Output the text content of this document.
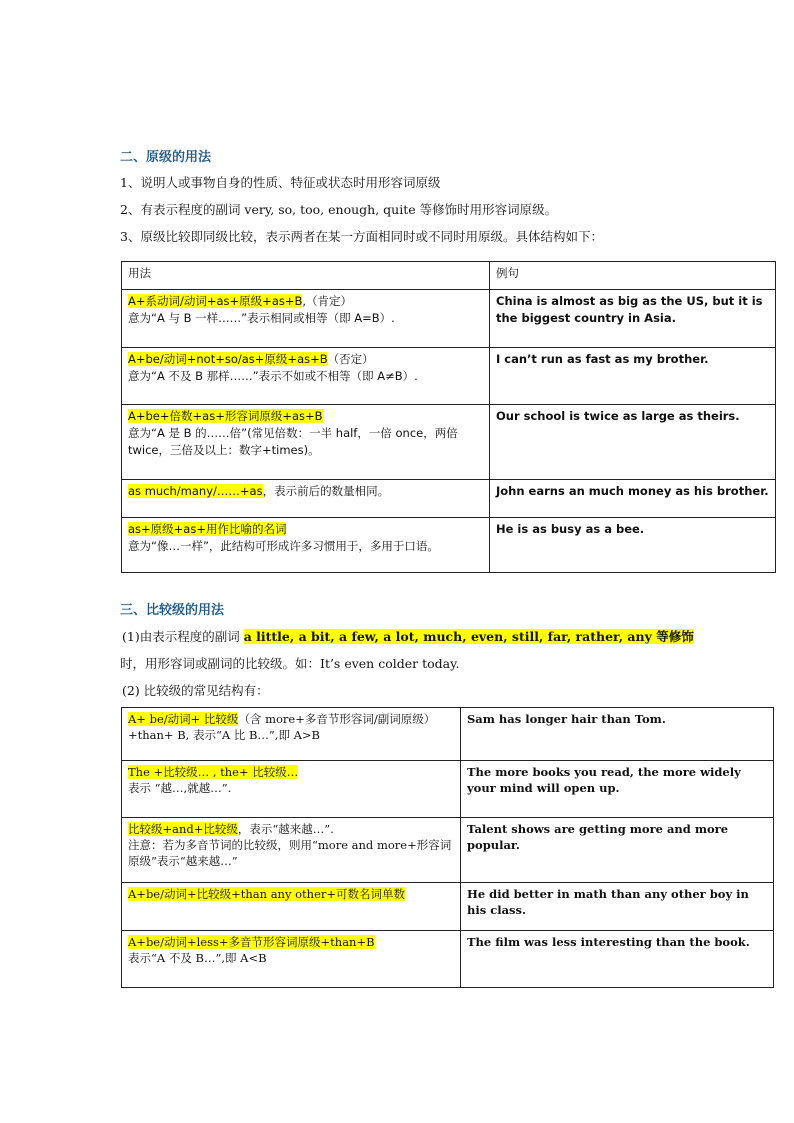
二、原级的用法
1、说明人或事物自身的性质、特征或状态时用形容词原级
2、有表示程度的副词 very, so, too, enough, quite 等修饰时用形容词原级。
3、原级比较即同级比较，表示两者在某一方面相同时或不同时用原级。具体结构如下：
用法	例句

A+系动词/动词+as+原级+as+B,（肯定）
意为“A 与 B 一样……”表示相同或相等（即 A=B）.	China is almost as big as the US, but it is the biggest country in Asia.

A+be/动词+not+so/as+原级+as+B（否定）
意为“A 不及 B 那样……”表示不如或不相等（即 A≠B）.	I can’t run as fast as my brother.

A+be+倍数+as+形容词原级+as+B
意为“A 是 B 的……倍”(常见倍数：一半 half，一倍 once，两倍 twice，三倍及以上：数字+times)。	Our school is twice as large as theirs.

as much/many/……+as，表示前后的数量相同。	John earns an much money as his brother.

as+原级+as+用作比喻的名词
意为“像…一样”，此结构可形成许多习惯用于，多用于口语。	He is as busy as a bee.
三、比较级的用法
(1)由表示程度的副词 a little, a bit, a few, a lot, much, even, still, far, rather, any 等修饰
时，用形容词或副词的比较级。如：It’s even colder today.
(2) 比较级的常见结构有：
A+ be/动词+ 比较级（含 more+多音节形容词/副词原级）+than+ B, 表示“A 比 B…”,即 A>B	Sam has longer hair than Tom.

The +比较级… , the+ 比较级…
表示 “越…,就越…”.	The more books you read, the more widely your mind will open up.

比较级+and+比较级，表示“越来越…”.
注意：若为多音节词的比较级，则用“more and more+形容词原级”表示“越来越…”	Talent shows are getting more and more popular.
A+be/动词+比较级+than any other+可数名词单数	He did better in math than any other boy in his class.

A+be/动词+less+多音节形容词原级+than+B
表示“A 不及 B…”,即 A<B	The film was less interesting than the book.
